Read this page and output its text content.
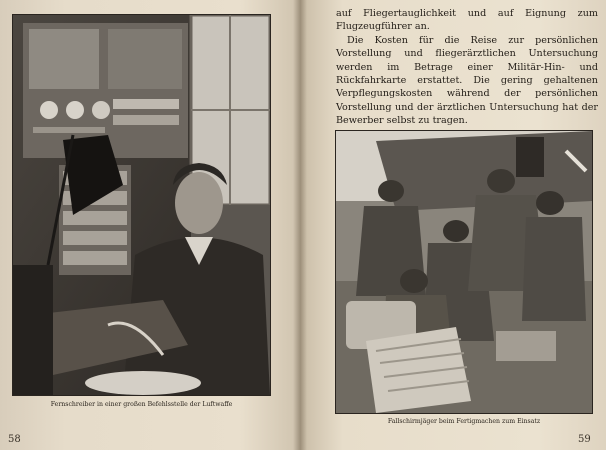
Fernschreiber in einer großen Befehlsstelle der Luftwaffe
58

auf Fliegertauglichkeit und auf Eignung zum Flugzeugführer an.

Die Kosten für die Reise zur persönlichen Vorstellung und fliegerärztlichen Untersuchung werden im Betrage einer Militär-Hin- und Rückfahrkarte erstattet. Die gering gehaltenen Verpflegungskosten während der persönlichen Vorstellung und der ärztlichen Untersuchung hat der Bewerber selbst zu tragen.

Fallschirmjäger beim Fertigmachen zum Einsatz
59
